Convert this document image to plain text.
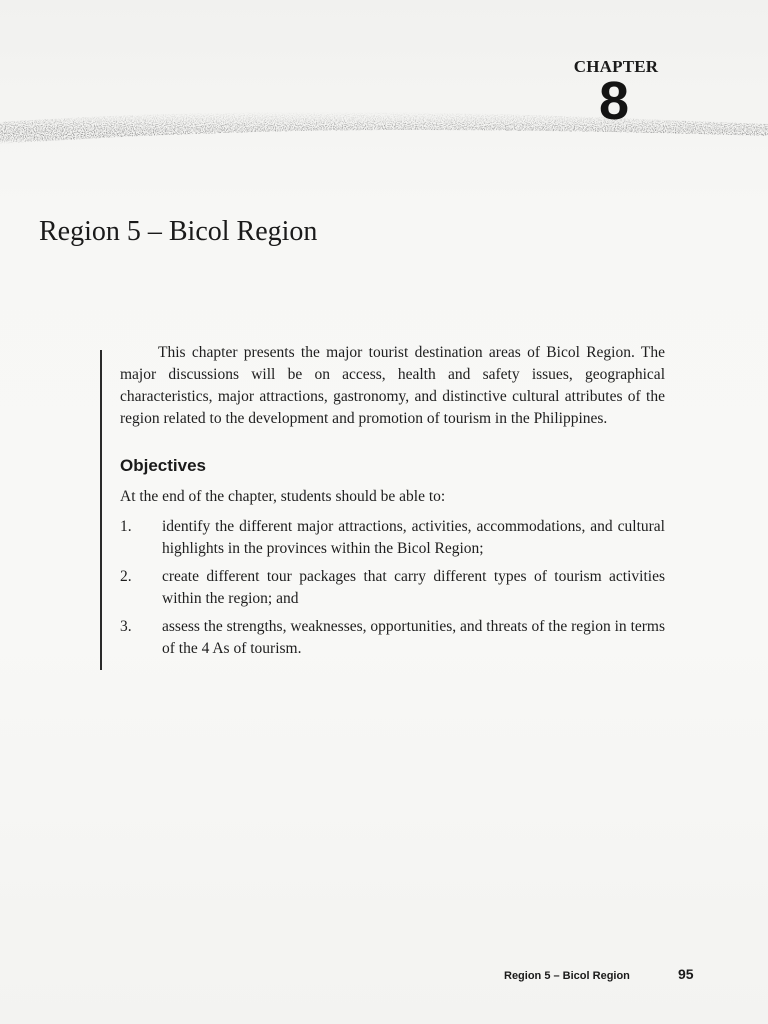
CHAPTER
8
Region 5 – Bicol Region

This chapter presents the major tourist destination areas of Bicol Region. The major discussions will be on access, health and safety issues, geographical characteristics, major attractions, gastronomy, and distinctive cultural attributes of the region related to the development and promotion of tourism in the Philippines.

Objectives

At the end of the chapter, students should be able to:

1.	identify the different major attractions, activities, accommodations, and cultural highlights in the provinces within the Bicol Region;
2.	create different tour packages that carry different types of tourism activities within the region; and
3.	assess the strengths, weaknesses, opportunities, and threats of the region in terms of the 4 As of tourism.
Region 5 – Bicol Region	95
